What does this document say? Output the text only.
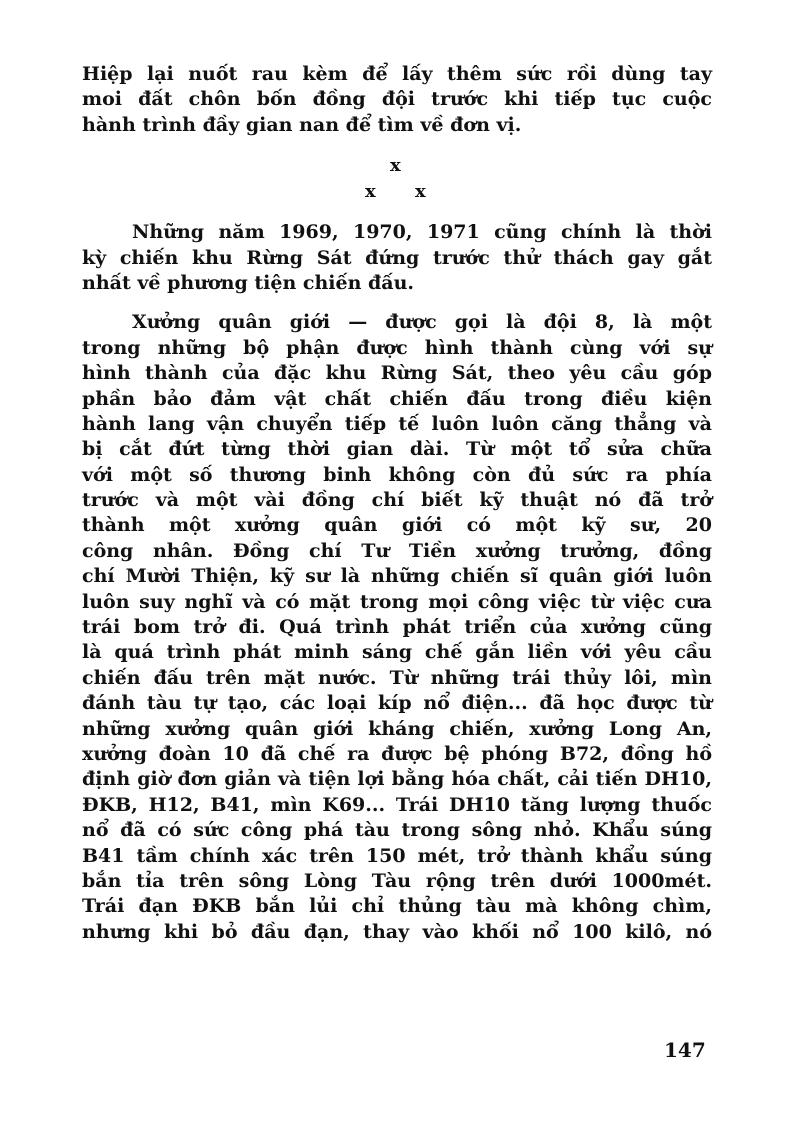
Hiệp lại nuốt rau kèm để lấy thêm sức rồi dùng tay
moi đất chôn bốn đồng đội trước khi tiếp tục cuộc
hành trình đầy gian nan để tìm về đơn vị.
x
x x
Những năm 1969, 1970, 1971 cũng chính là thời
kỳ chiến khu Rừng Sát đứng trước thử thách gay gắt
nhất về phương tiện chiến đấu.
Xưởng quân giới — được gọi là đội 8, là một
trong những bộ phận được hình thành cùng với sự
hình thành của đặc khu Rừng Sát, theo yêu cầu góp
phần bảo đảm vật chất chiến đấu trong điều kiện
hành lang vận chuyển tiếp tế luôn luôn căng thẳng và
bị cắt đứt từng thời gian dài. Từ một tổ sửa chữa
với một số thương binh không còn đủ sức ra phía
trước và một vài đồng chí biết kỹ thuật nó đã trở
thành một xưởng quân giới có một kỹ sư, 20
công nhân. Đồng chí Tư Tiền xưởng trưởng, đồng
chí Mười Thiện, kỹ sư là những chiến sĩ quân giới luôn
luôn suy nghĩ và có mặt trong mọi công việc từ việc cưa
trái bom trở đi. Quá trình phát triển của xưởng cũng
là quá trình phát minh sáng chế gắn liền với yêu cầu
chiến đấu trên mặt nước. Từ những trái thủy lôi, mìn
đánh tàu tự tạo, các loại kíp nổ điện... đã học được từ
những xưởng quân giới kháng chiến, xưởng Long An,
xưởng đoàn 10 đã chế ra được bệ phóng B72, đồng hồ
định giờ đơn giản và tiện lợi bằng hóa chất, cải tiến DH10,
ĐKB, H12, B41, mìn K69... Trái DH10 tăng lượng thuốc
nổ đã có sức công phá tàu trong sông nhỏ. Khẩu súng
B41 tầm chính xác trên 150 mét, trở thành khẩu súng
bắn tỉa trên sông Lòng Tàu rộng trên dưới 1000mét.
Trái đạn ĐKB bắn lủi chỉ thủng tàu mà không chìm,
nhưng khi bỏ đầu đạn, thay vào khối nổ 100 kilô, nó
147
